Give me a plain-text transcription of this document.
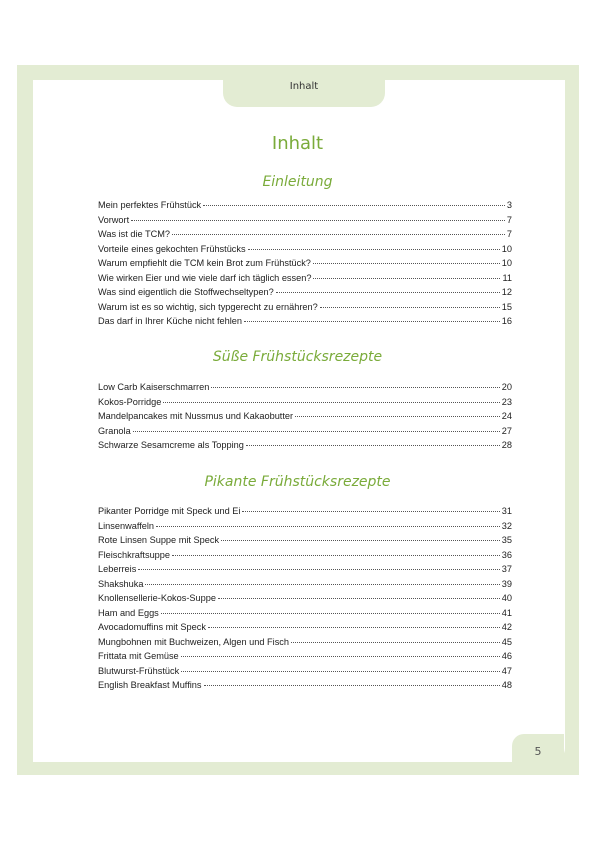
Inhalt
Inhalt
Einleitung
Mein perfektes Frühstück	3
Vorwort	7
Was ist die TCM?	7
Vorteile eines gekochten Frühstücks	10
Warum empfiehlt die TCM kein Brot zum Frühstück?	10
Wie wirken Eier und wie viele darf ich täglich essen?	11
Was sind eigentlich die Stoffwechseltypen?	12
Warum ist es so wichtig, sich typgerecht zu ernähren?	15
Das darf in Ihrer Küche nicht fehlen	16
Süße Frühstücksrezepte
Low Carb Kaiserschmarren	20
Kokos-Porridge	23
Mandelpancakes mit Nussmus und Kakaobutter	24
Granola	27
Schwarze Sesamcreme als Topping	28
Pikante Frühstücksrezepte
Pikanter Porridge mit Speck und Ei	31
Linsenwaffeln	32
Rote Linsen Suppe mit Speck	35
Fleischkraftsuppe	36
Leberreis	37
Shakshuka	39
Knollensellerie-Kokos-Suppe	40
Ham and Eggs	41
Avocadomuffins mit Speck	42
Mungbohnen mit Buchweizen, Algen und Fisch	45
Frittata mit Gemüse	46
Blutwurst-Frühstück	47
English Breakfast Muffins	48
5
